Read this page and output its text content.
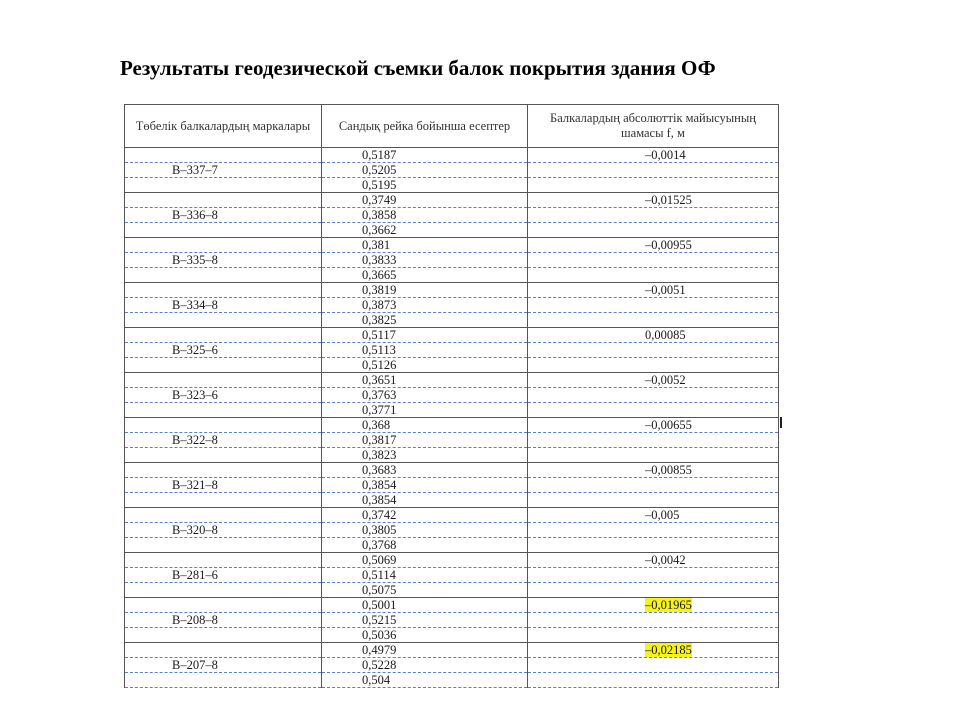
Результаты геодезической съемки балок покрытия здания ОФ
Төбелік балкалардың маркалары	Сандық рейка бойынша есептер	Балкалардың абсолюттік майысуының шамасы f, м
	0,5187	–0,0014
В–337–7	0,5205	
	0,5195	
	0,3749	–0,01525
В–336–8	0,3858	
	0,3662	
	0,381	–0,00955
В–335–8	0,3833	
	0,3665	
	0,3819	–0,0051
В–334–8	0,3873	
	0,3825	
	0,5117	0,00085
В–325–6	0,5113	
	0,5126	
	0,3651	–0,0052
В–323–6	0,3763	
	0,3771	
	0,368	–0,00655
В–322–8	0,3817	
	0,3823	
	0,3683	–0,00855
В–321–8	0,3854	
	0,3854	
	0,3742	–0,005
В–320–8	0,3805	
	0,3768	
	0,5069	–0,0042
В–281–6	0,5114	
	0,5075	
	0,5001	–0,01965
В–208–8	0,5215	
	0,5036	
	0,4979	–0,02185
В–207–8	0,5228	
	0,504	
